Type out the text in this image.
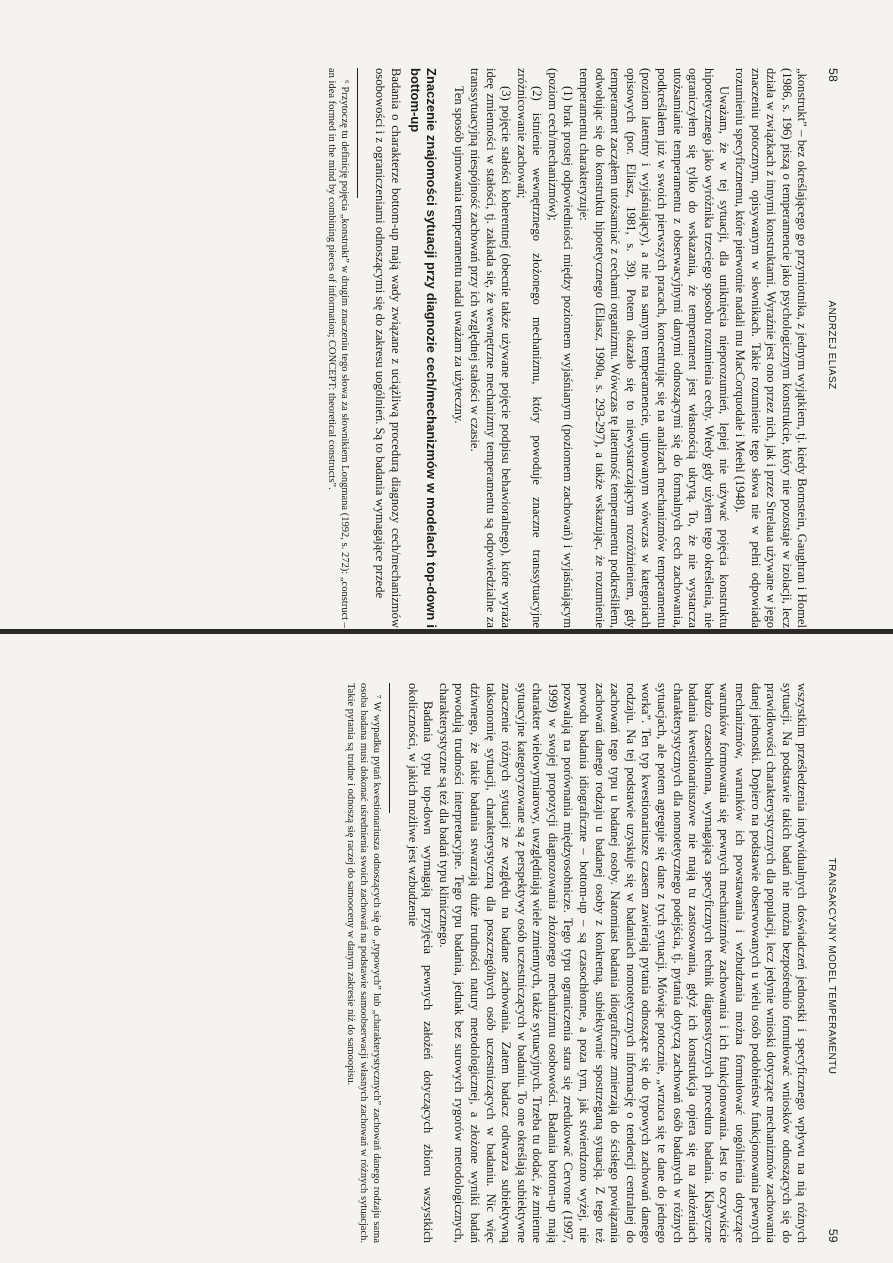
58
ANDRZEJ ELIASZ

„konstrukt” – bez określającego go przymiotnika, z jednym wyjątkiem, tj. kiedy Bornstein, Gaughran i Homel (1986, s. 196) piszą o temperamencie jako psychologicznym konstrukcie, który nie pozostaje w izolacji, lecz działa w związkach z innymi konstruktami. Wyraźnie jest ono przez nich, jak i przez Strelaua używane w jego znaczeniu potocznym, opisywanym w słownikach. Takie rozumienie tego słowa nie w pełni odpowiada rozumieniu specyficznemu, które pierwotnie nadali mu MacCorquodale i Meehl (1948).

Uważam, że w tej sytuacji, dla uniknięcia nieporozumień, lepiej nie używać pojęcia konstruktu hipotetycznego jako wyróżnika trzeciego sposobu rozumienia cechy. Wtedy gdy użyłem tego określenia, nie ograniczyłem się tylko do wskazania, że temperament jest własnością ukrytą. To, że nie wystarcza utożsamianie temperamentu z obserwacyjnymi danymi odnoszącymi się do formalnych cech zachowania, podkreślałem już w swoich pierwszych pracach, koncentrując się na analizach mechanizmów temperamentu (poziom latentny i wyjaśniający), a nie na samym temperamencie, ujmowanym wówczas w kategoriach opisowych (por. Eliasz, 1981, s. 39). Potem okazało się to niewystarczającym rozróżnieniem, gdy temperament zacząłem utożsamiać z cechami organizmu. Wówczas tę latentność temperamentu podkreśliłem, odwołując się do konstruktu hipotetycznego (Eliasz, 1990a, s. 293-297), a także wskazując, że rozumienie temperamentu charakteryzuje:

(1) brak prostej odpowiedniości między poziomem wyjaśnianym (poziomem zachowań) i wyjaśniającym (poziom cech/mechanizmów);

(2) istnienie wewnętrznego złożonego mechanizmu, który powoduje znaczne transsytuacyjne zróżnicowanie zachowań;

(3) pojęcie stałości koherentnej (obecnie także używane pojęcie podpisu behawioralnego), które wyraża ideę zmienności w stałości, tj. zakłada się, że wewnętrzne mechanizmy temperamentu są odpowiedzialne za transsytuacyjną niespójność zachowań przy ich względnej stałości w czasie.

Ten sposób ujmowania temperamentu nadal uważam za użyteczny.

Znaczenie znajomości sytuacji przy diagnozie cech/mechanizmów w modelach top-down i bottom-up

Badania o charakterze bottom-up mają wady związane z uciążliwą procedurą diagnozy cech/mechanizmów osobowości i z ograniczeniami odnoszącymi się do zakresu uogólnień. Są to badania wymagające przede

⁶ Przytoczę tu definicję pojęcia „konstrukt” w drugim znaczeniu tego słowa za słownikiem Longmana (1992, s. 272): „construct – an idea formed in the mind by combining pieces of information; CONCEPT: theoretical constructs”.

TRANSAKCYJNY MODEL TEMPERAMENTU
59

wszystkim prześledzenia indywidualnych doświadczeń jednostki i specyficznego wpływu na nią różnych sytuacji. Na podstawie takich badań nie można bezpośrednio formułować wniosków odnoszących się do prawidłowości charakterystycznych dla populacji, lecz jedynie wnioski dotyczące mechanizmów zachowania danej jednostki. Dopiero na podstawie obserwowanych u wielu osób podobieństw funkcjonowania pewnych mechanizmów, warunków ich powstawania i wzbudzania można formułować uogólnienia dotyczące warunków formowania się pewnych mechanizmów zachowania i ich funkcjonowania. Jest to oczywiście bardzo czasochłonna, wymagająca specyficznych technik diagnostycznych procedura badania. Klasyczne badania kwestionariuszowe nie mają tu zastosowania, gdyż ich konstrukcja opiera się na założeniach charakterystycznych dla nomotetycznego podejścia, tj. pytania dotyczą zachowań osób badanych w różnych sytuacjach, ale potem agreguje się dane z tych sytuacji. Mówiąc potocznie, „wrzuca się te dane do jednego worka”. Ten typ kwestionariusze czasem zawierają pytania odnoszące się do typowych zachowań danego rodzaju. Na tej podstawie uzyskuje się w badaniach nomotetycznych informację o tendencji centralnej do zachowań tego typu u badanej osoby. Natomiast badania idiograficzne zmierzają do ścisłego powiązania zachowań danego rodzaju u badanej osoby z konkretną, subiektywnie spostrzeganą sytuacją. Z tego też powodu badania idiograficzne – bottom-up – są czasochłonne, a poza tym, jak stwierdzono wyżej, nie pozwalają na porównania międzyosobnicze. Tego typu ograniczenia stara się zredukować Cervone (1997, 1999) w swojej propozycji diagnozowania złożonego mechanizmu osobowości. Badania bottom-up mają charakter wielowymiarowy, uwzględniają wiele zmiennych, także sytuacyjnych. Trzeba tu dodać, że zmienne sytuacyjne kategoryzowane są z perspektywy osób uczestniczących w badaniu. To one określają subiektywne znaczenie różnych sytuacji ze względu na badane zachowania. Zatem badacz odtwarza subiektywną taksonomię sytuacji, charakterystyczną dla poszczególnych osób uczestniczących w badaniu. Nic więc dziwnego, że takie badania stwarzają duże trudności natury metodologicznej, a złożone wyniki badań powodują trudności interpretacyjne. Tego typu badania, jednak bez surowych rygorów metodologicznych, charakterystyczne są też dla badań typu klinicznego.

Badania typu top-down wymagają przyjęcia pewnych założeń dotyczących zbioru wszystkich okoliczności, w jakich możliwe jest wzbudzenie

⁷ W wypadku pytań kwestionariusza odnoszących się do „typowych” lub „charakterystycznych” zachowań danego rodzaju sama osoba badana musi dokonać uśrednienia swoich zachowań na podstawie samoobserwacji własnych zachowań w różnych sytuacjach. Takie pytania są trudne i odnoszą się raczej do samooceny w danym zakresie niż do samoopisu.
